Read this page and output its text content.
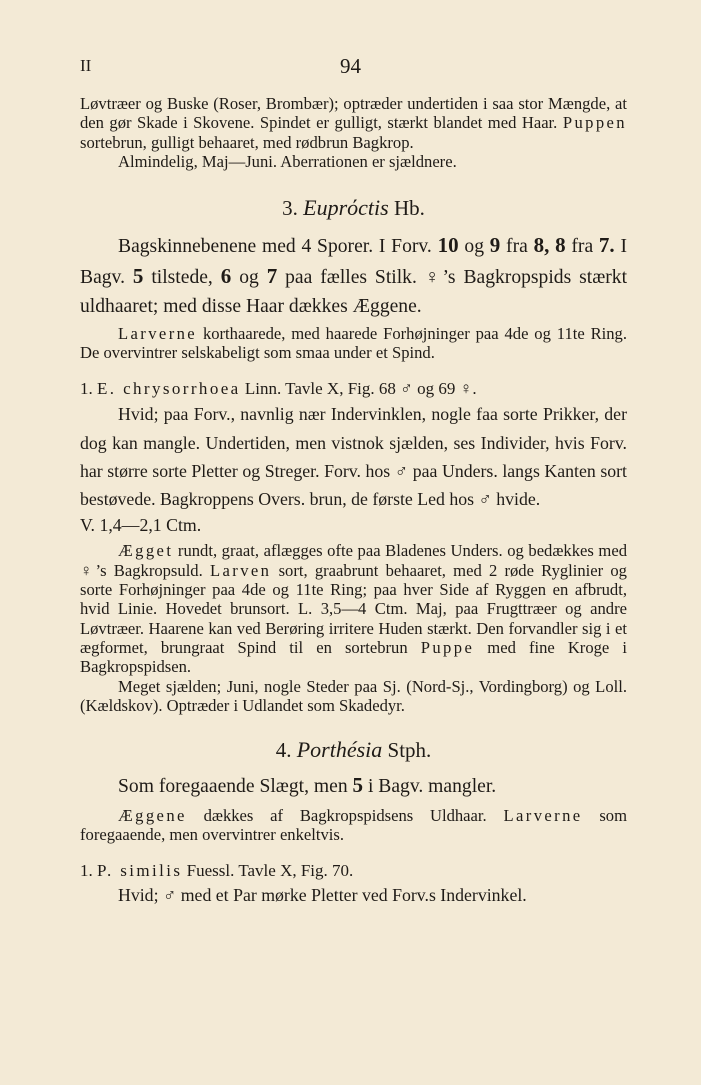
II	94

Løvtræer og Buske (Roser, Brombær); optræder undertiden i saa stor Mængde, at den gør Skade i Skovene. Spindet er gulligt, stærkt blandet med Haar. Puppen sortebrun, gulligt behaaret, med rødbrun Bagkrop.

Almindelig, Maj—Juni. Aberrationen er sjældnere.

3. Euprόctis Hb.

Bagskinnebenene med 4 Sporer. I Forv. 10 og 9 fra 8, 8 fra 7. I Bagv. 5 tilstede, 6 og 7 paa fælles Stilk. ♀’s Bagkropspids stærkt uldhaaret; med disse Haar dækkes Æggene.

Larverne korthaarede, med haarede Forhøjninger paa 4de og 11te Ring. De overvintrer selskabeligt som smaa under et Spind.

1. E. chrysorrhoea Linn. Tavle X, Fig. 68 ♂ og 69 ♀.

Hvid; paa Forv., navnlig nær Indervinklen, nogle faa sorte Prikker, der dog kan mangle. Undertiden, men vistnok sjælden, ses Individer, hvis Forv. har større sorte Pletter og Streger. Forv. hos ♂ paa Unders. langs Kanten sort bestøvede. Bagkroppens Overs. brun, de første Led hos ♂ hvide.

V. 1,4—2,1 Ctm.

Ægget rundt, graat, aflægges ofte paa Bladenes Unders. og bedækkes med ♀’s Bagkropsuld. Larven sort, graabrunt behaaret, med 2 røde Ryglinier og sorte Forhøjninger paa 4de og 11te Ring; paa hver Side af Ryggen en afbrudt, hvid Linie. Hovedet brunsort. L. 3,5—4 Ctm. Maj, paa Frugttræer og andre Løvtræer. Haarene kan ved Berøring irritere Huden stærkt. Den forvandler sig i et ægformet, brungraat Spind til en sortebrun Puppe med fine Kroge i Bagkropspidsen.

Meget sjælden; Juni, nogle Steder paa Sj. (Nord-Sj., Vordingborg) og Loll. (Kældskov). Optræder i Udlandet som Skadedyr.

4. Porthésia Stph.

Som foregaaende Slægt, men 5 i Bagv. mangler.

Æggene dækkes af Bagkropspidsens Uldhaar. Larverne som foregaaende, men overvintrer enkeltvis.

1. P. similis Fuessl. Tavle X, Fig. 70.

Hvid; ♂ med et Par mørke Pletter ved Forv.s Indervinkel.
